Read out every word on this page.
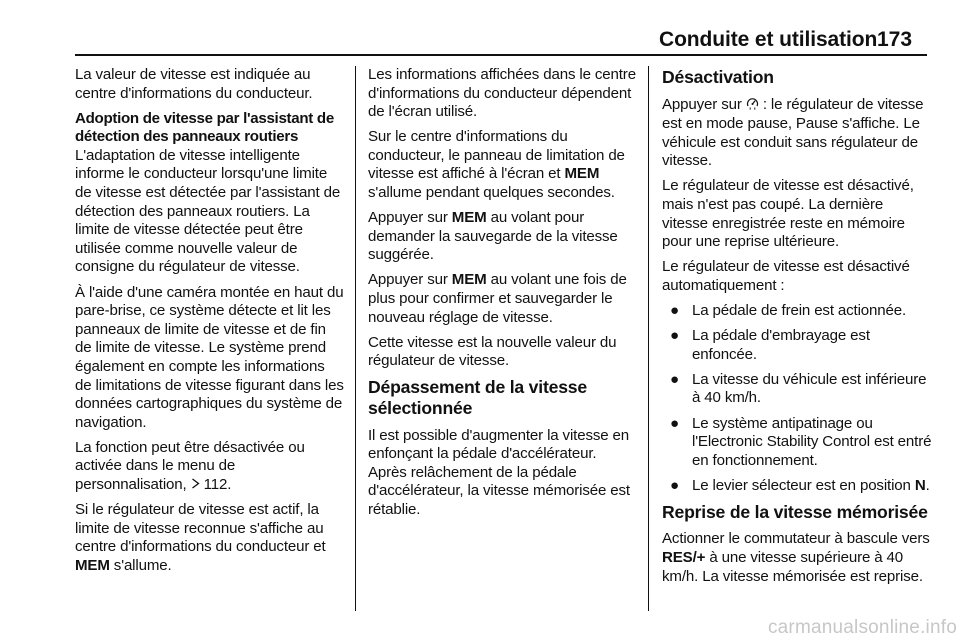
Conduite et utilisation 173

La valeur de vitesse est indiquée au centre d'informations du conducteur.

Adoption de vitesse par l'assistant de détection des panneaux routiers

L'adaptation de vitesse intelligente informe le conducteur lorsqu'une limite de vitesse est détectée par l'assistant de détection des panneaux routiers. La limite de vitesse détectée peut être utilisée comme nouvelle valeur de consigne du régulateur de vitesse.

À l'aide d'une caméra montée en haut du pare-brise, ce système détecte et lit les panneaux de limite de vitesse et de fin de limite de vitesse. Le système prend également en compte les informations de limitations de vitesse figurant dans les données cartographiques du système de navigation.

La fonction peut être désactivée ou activée dans le menu de personnalisation,  112.

Si le régulateur de vitesse est actif, la limite de vitesse reconnue s'affiche au centre d'informations du conducteur et MEM s'allume.

Les informations affichées dans le centre d'informations du conducteur dépendent de l'écran utilisé.

Sur le centre d'informations du conducteur, le panneau de limitation de vitesse est affiché à l'écran et MEM s'allume pendant quelques secondes.

Appuyer sur MEM au volant pour demander la sauvegarde de la vitesse suggérée.

Appuyer sur MEM au volant une fois de plus pour confirmer et sauvegarder le nouveau réglage de vitesse.

Cette vitesse est la nouvelle valeur du régulateur de vitesse.

Dépassement de la vitesse sélectionnée

Il est possible d'augmenter la vitesse en enfonçant la pédale d'accélérateur. Après relâchement de la pédale d'accélérateur, la vitesse mémorisée est rétablie.

Désactivation

Appuyer sur  : le régulateur de vitesse est en mode pause, Pause s'affiche. Le véhicule est conduit sans régulateur de vitesse.

Le régulateur de vitesse est désactivé, mais n'est pas coupé. La dernière vitesse enregistrée reste en mémoire pour une reprise ultérieure.

Le régulateur de vitesse est désactivé automatiquement :

● La pédale de frein est actionnée.
● La pédale d'embrayage est enfoncée.
● La vitesse du véhicule est inférieure à 40 km/h.
● Le système antipatinage ou l'Electronic Stability Control est entré en fonctionnement.
● Le levier sélecteur est en position N.

Reprise de la vitesse mémorisée

Actionner le commutateur à bascule vers RES/+ à une vitesse supérieure à 40 km/h. La vitesse mémorisée est reprise.

carmanualsonline.info
